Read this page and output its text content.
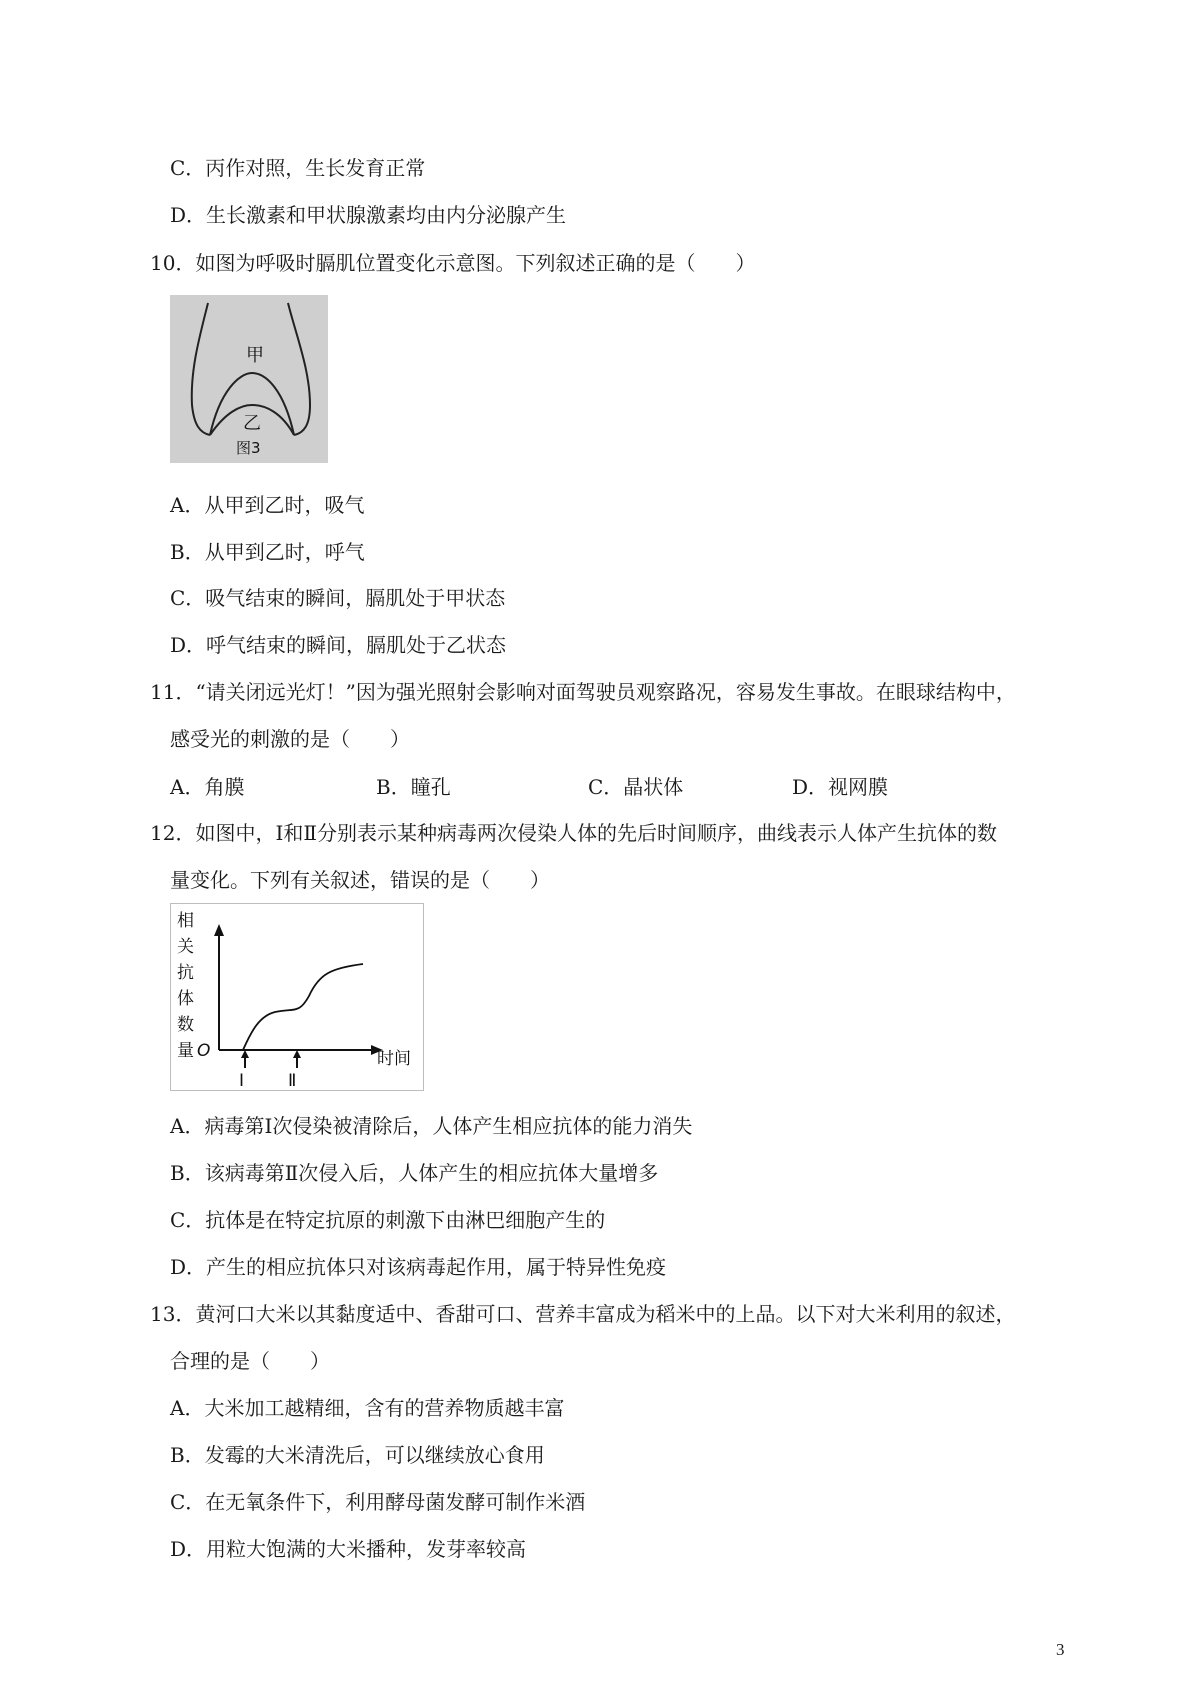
C．丙作对照，生长发育正常
D．生长激素和甲状腺激素均由内分泌腺产生
10．如图为呼吸时膈肌位置变化示意图。下列叙述正确的是（　　）
甲
乙
图3
A．从甲到乙时，吸气
B．从甲到乙时，呼气
C．吸气结束的瞬间，膈肌处于甲状态
D．呼气结束的瞬间，膈肌处于乙状态
11．“请关闭远光灯！”因为强光照射会影响对面驾驶员观察路况，容易发生事故。在眼球结构中，
感受光的刺激的是（　　）
A．角膜	B．瞳孔	C．晶状体	D．视网膜
12．如图中，Ⅰ和Ⅱ分别表示某种病毒两次侵染人体的先后时间顺序，曲线表示人体产生抗体的数
量变化。下列有关叙述，错误的是（　　）
相
关
抗
体
数
量 O	时间
Ⅰ	Ⅱ
A．病毒第Ⅰ次侵染被清除后，人体产生相应抗体的能力消失
B．该病毒第Ⅱ次侵入后，人体产生的相应抗体大量增多
C．抗体是在特定抗原的刺激下由淋巴细胞产生的
D．产生的相应抗体只对该病毒起作用，属于特异性免疫
13．黄河口大米以其黏度适中、香甜可口、营养丰富成为稻米中的上品。以下对大米利用的叙述，
合理的是（　　）
A．大米加工越精细，含有的营养物质越丰富
B．发霉的大米清洗后，可以继续放心食用
C．在无氧条件下，利用酵母菌发酵可制作米酒
D．用粒大饱满的大米播种，发芽率较高
3
